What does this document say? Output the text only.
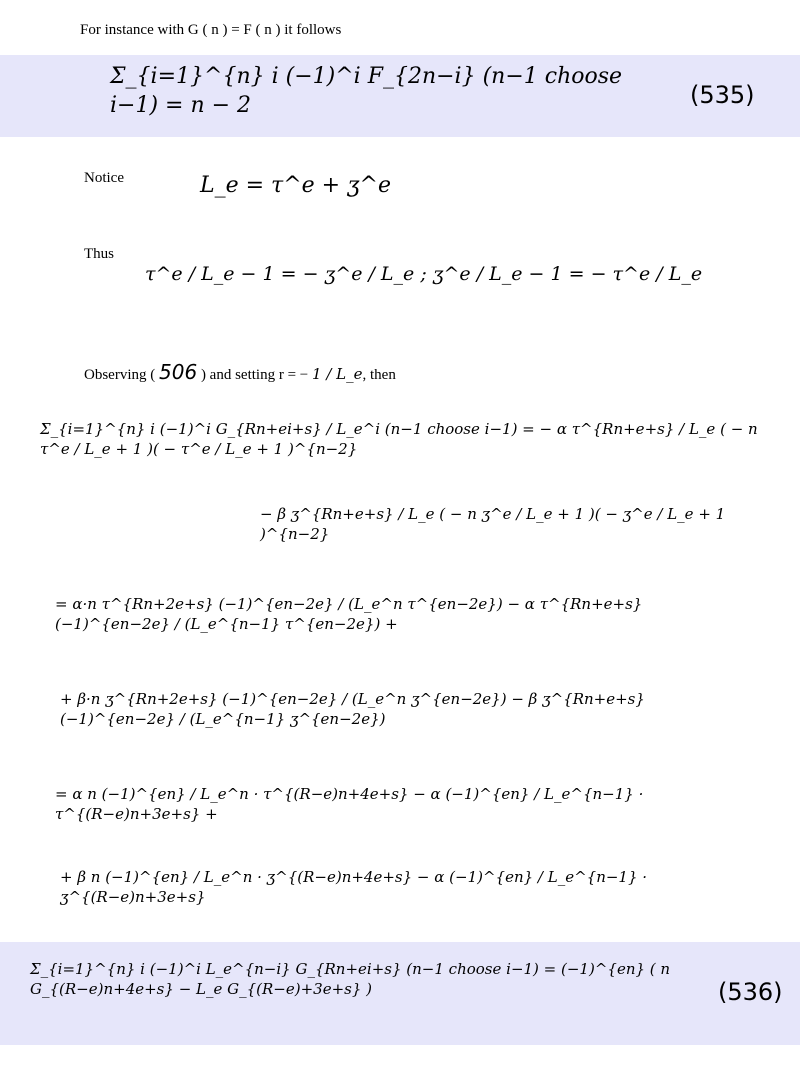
For instance with G ( n ) = F ( n ) it follows
Σ_{i=1}^{n} i (−1)^i F_{2n−i} (n−1 choose i−1) = n − 2	(535)
Notice	L_e = τ^e + ʒ^e
Thus
τ^e / L_e − 1 = − ʒ^e / L_e ; ʒ^e / L_e − 1 = − τ^e / L_e
Observing ( 506 ) and setting r = − 1 / L_e, then
Σ_{i=1}^{n} i (−1)^i G_{Rn+ei+s} / L_e^i (n−1 choose i−1) = − α τ^{Rn+e+s} / L_e ( − n τ^e / L_e + 1 )( − τ^e / L_e + 1 )^{n−2}
− β ʒ^{Rn+e+s} / L_e ( − n ʒ^e / L_e + 1 )( − ʒ^e / L_e + 1 )^{n−2}
= α·n τ^{Rn+2e+s} (−1)^{en−2e} / (L_e^n τ^{en−2e}) − α τ^{Rn+e+s} (−1)^{en−2e} / (L_e^{n−1} τ^{en−2e}) +
+ β·n ʒ^{Rn+2e+s} (−1)^{en−2e} / (L_e^n ʒ^{en−2e}) − β ʒ^{Rn+e+s} (−1)^{en−2e} / (L_e^{n−1} ʒ^{en−2e})
= α n (−1)^{en} / L_e^n · τ^{(R−e)n+4e+s} − α (−1)^{en} / L_e^{n−1} · τ^{(R−e)n+3e+s} +
+ β n (−1)^{en} / L_e^n · ʒ^{(R−e)n+4e+s} − α (−1)^{en} / L_e^{n−1} · ʒ^{(R−e)n+3e+s}
Σ_{i=1}^{n} i (−1)^i L_e^{n−i} G_{Rn+ei+s} (n−1 choose i−1) = (−1)^{en} ( n G_{(R−e)n+4e+s} − L_e G_{(R−e)+3e+s} )	(536)
